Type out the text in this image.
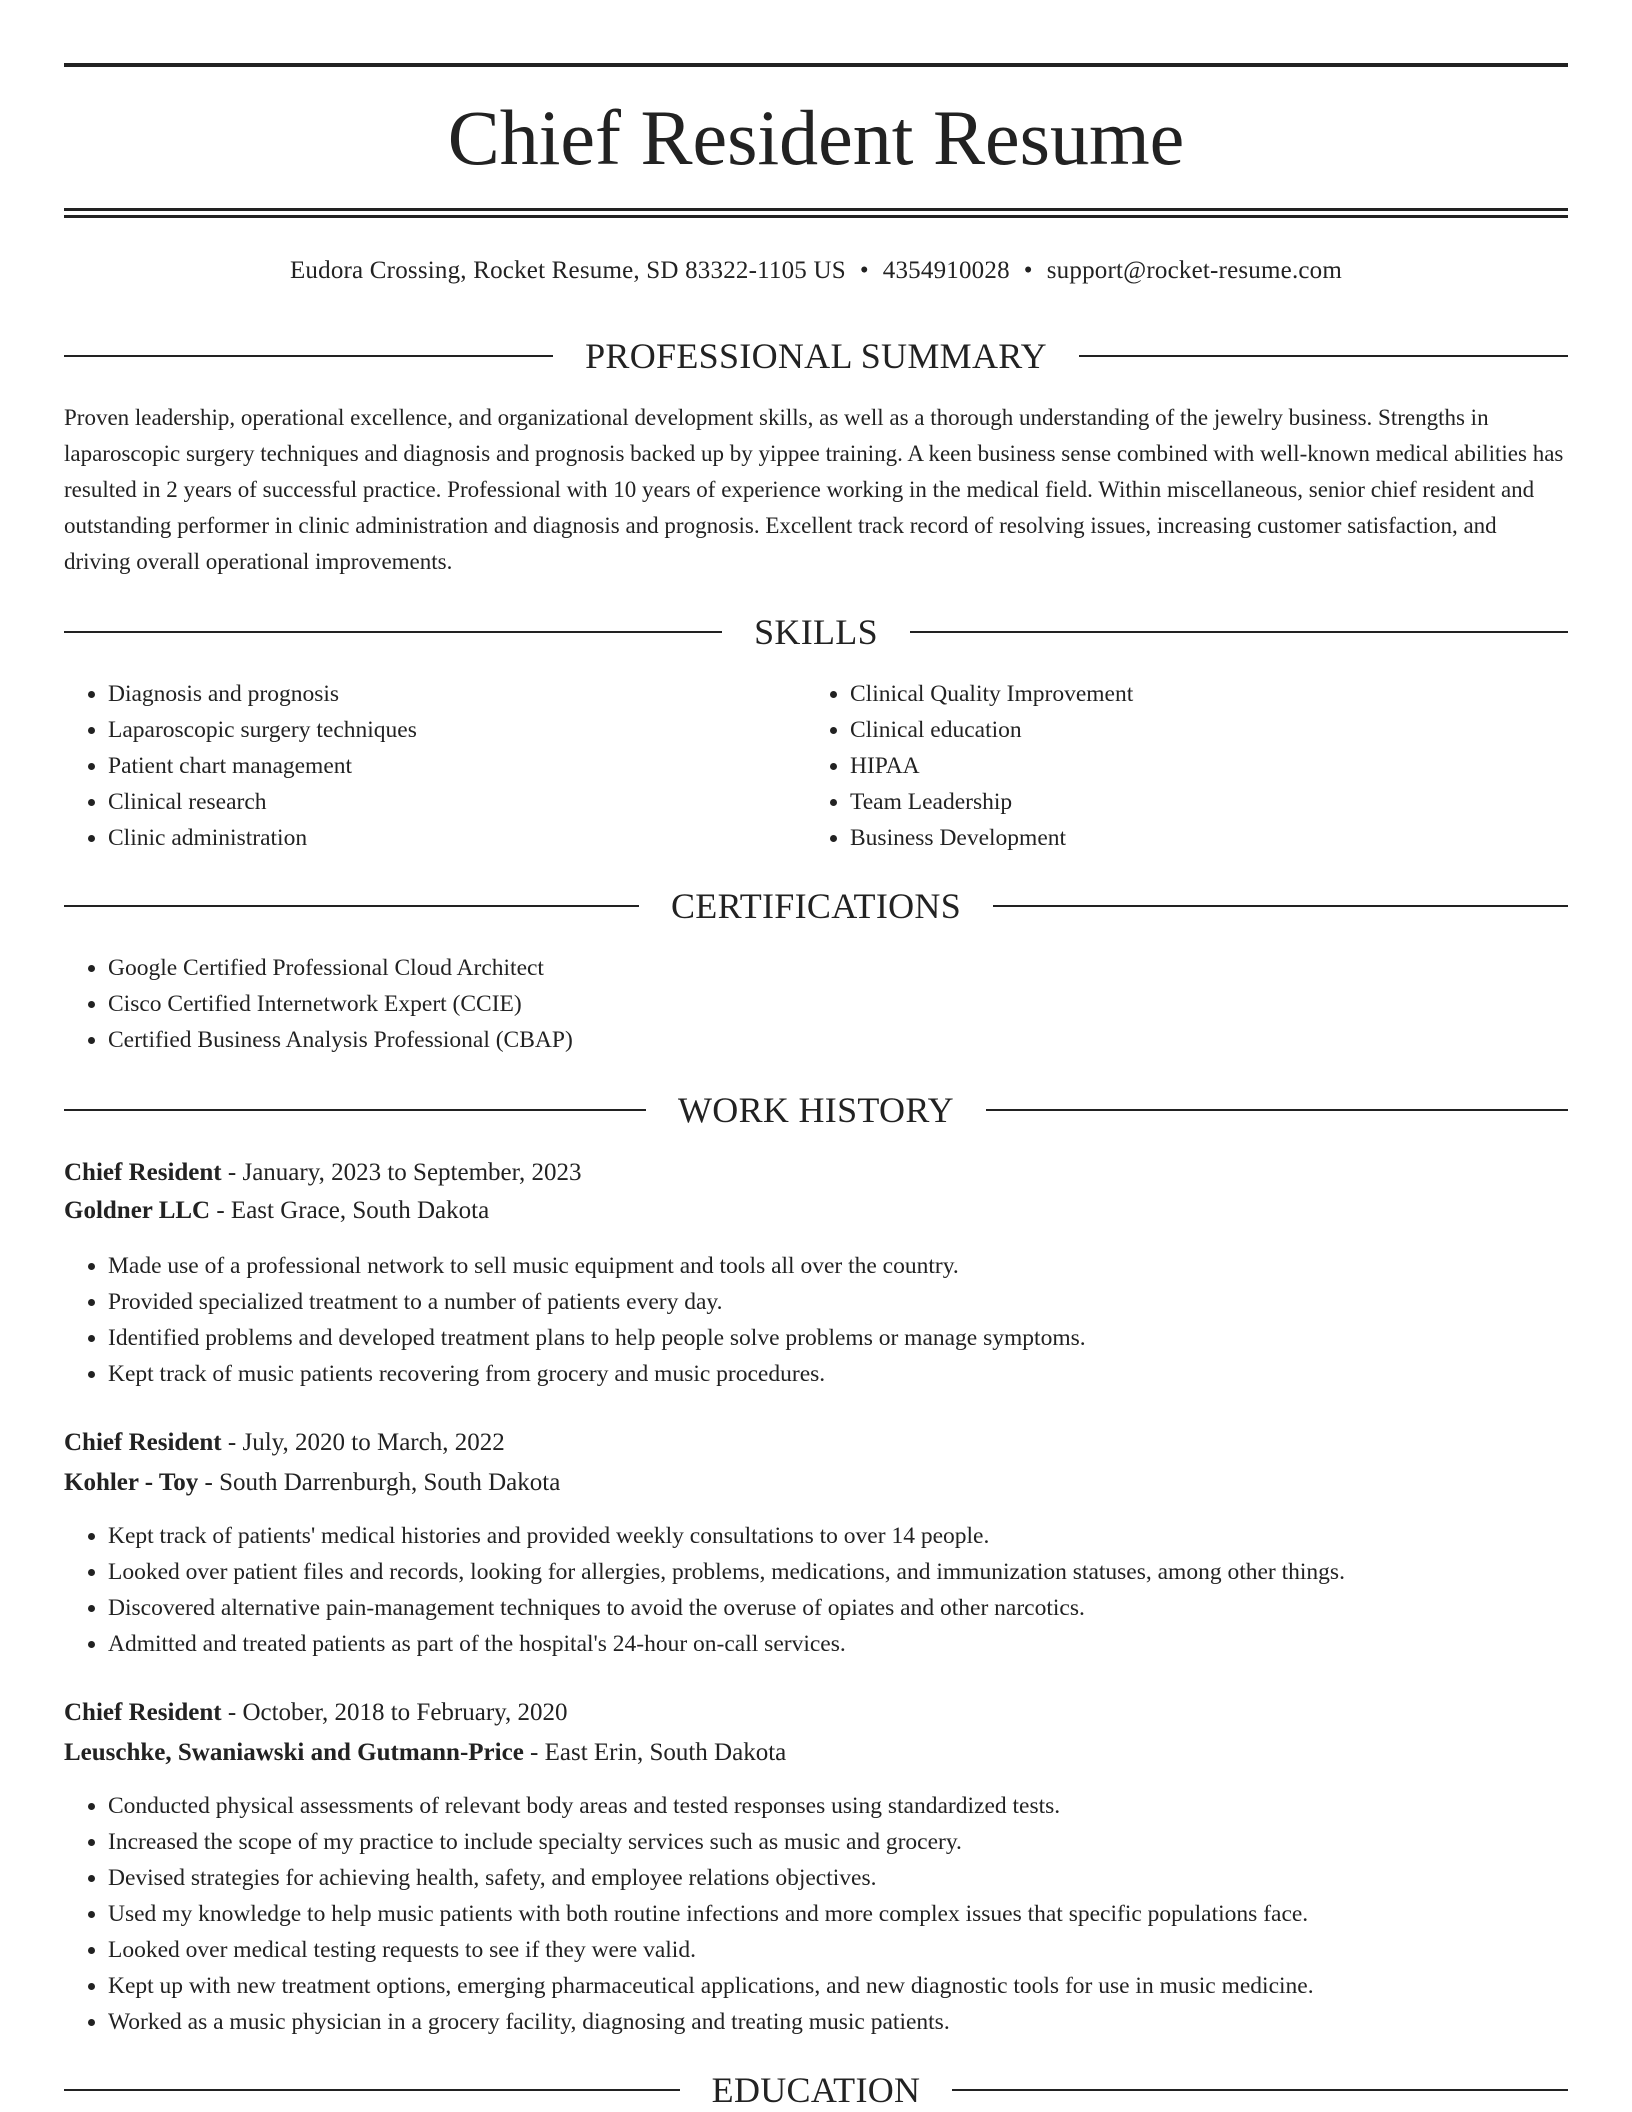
Chief Resident Resume
Eudora Crossing, Rocket Resume, SD 83322-1105 US • 4354910028 • support@rocket-resume.com
PROFESSIONAL SUMMARY

Proven leadership, operational excellence, and organizational development skills, as well as a thorough understanding of the jewelry business. Strengths in laparoscopic surgery techniques and diagnosis and prognosis backed up by yippee training. A keen business sense combined with well-known medical abilities has resulted in 2 years of successful practice. Professional with 10 years of experience working in the medical field. Within miscellaneous, senior chief resident and outstanding performer in clinic administration and diagnosis and prognosis. Excellent track record of resolving issues, increasing customer satisfaction, and driving overall operational improvements.

SKILLS
• Diagnosis and prognosis
• Laparoscopic surgery techniques
• Patient chart management
• Clinical research
• Clinic administration
• Clinical Quality Improvement
• Clinical education
• HIPAA
• Team Leadership
• Business Development
CERTIFICATIONS
• Google Certified Professional Cloud Architect
• Cisco Certified Internetwork Expert (CCIE)
• Certified Business Analysis Professional (CBAP)
WORK HISTORY
Chief Resident - January, 2023 to September, 2023
Goldner LLC - East Grace, South Dakota
• Made use of a professional network to sell music equipment and tools all over the country.
• Provided specialized treatment to a number of patients every day.
• Identified problems and developed treatment plans to help people solve problems or manage symptoms.
• Kept track of music patients recovering from grocery and music procedures.
Chief Resident - July, 2020 to March, 2022
Kohler - Toy - South Darrenburgh, South Dakota
• Kept track of patients' medical histories and provided weekly consultations to over 14 people.
• Looked over patient files and records, looking for allergies, problems, medications, and immunization statuses, among other things.
• Discovered alternative pain-management techniques to avoid the overuse of opiates and other narcotics.
• Admitted and treated patients as part of the hospital's 24-hour on-call services.
Chief Resident - October, 2018 to February, 2020
Leuschke, Swaniawski and Gutmann-Price - East Erin, South Dakota
• Conducted physical assessments of relevant body areas and tested responses using standardized tests.
• Increased the scope of my practice to include specialty services such as music and grocery.
• Devised strategies for achieving health, safety, and employee relations objectives.
• Used my knowledge to help music patients with both routine infections and more complex issues that specific populations face.
• Looked over medical testing requests to see if they were valid.
• Kept up with new treatment options, emerging pharmaceutical applications, and new diagnostic tools for use in music medicine.
• Worked as a music physician in a grocery facility, diagnosing and treating music patients.
EDUCATION
